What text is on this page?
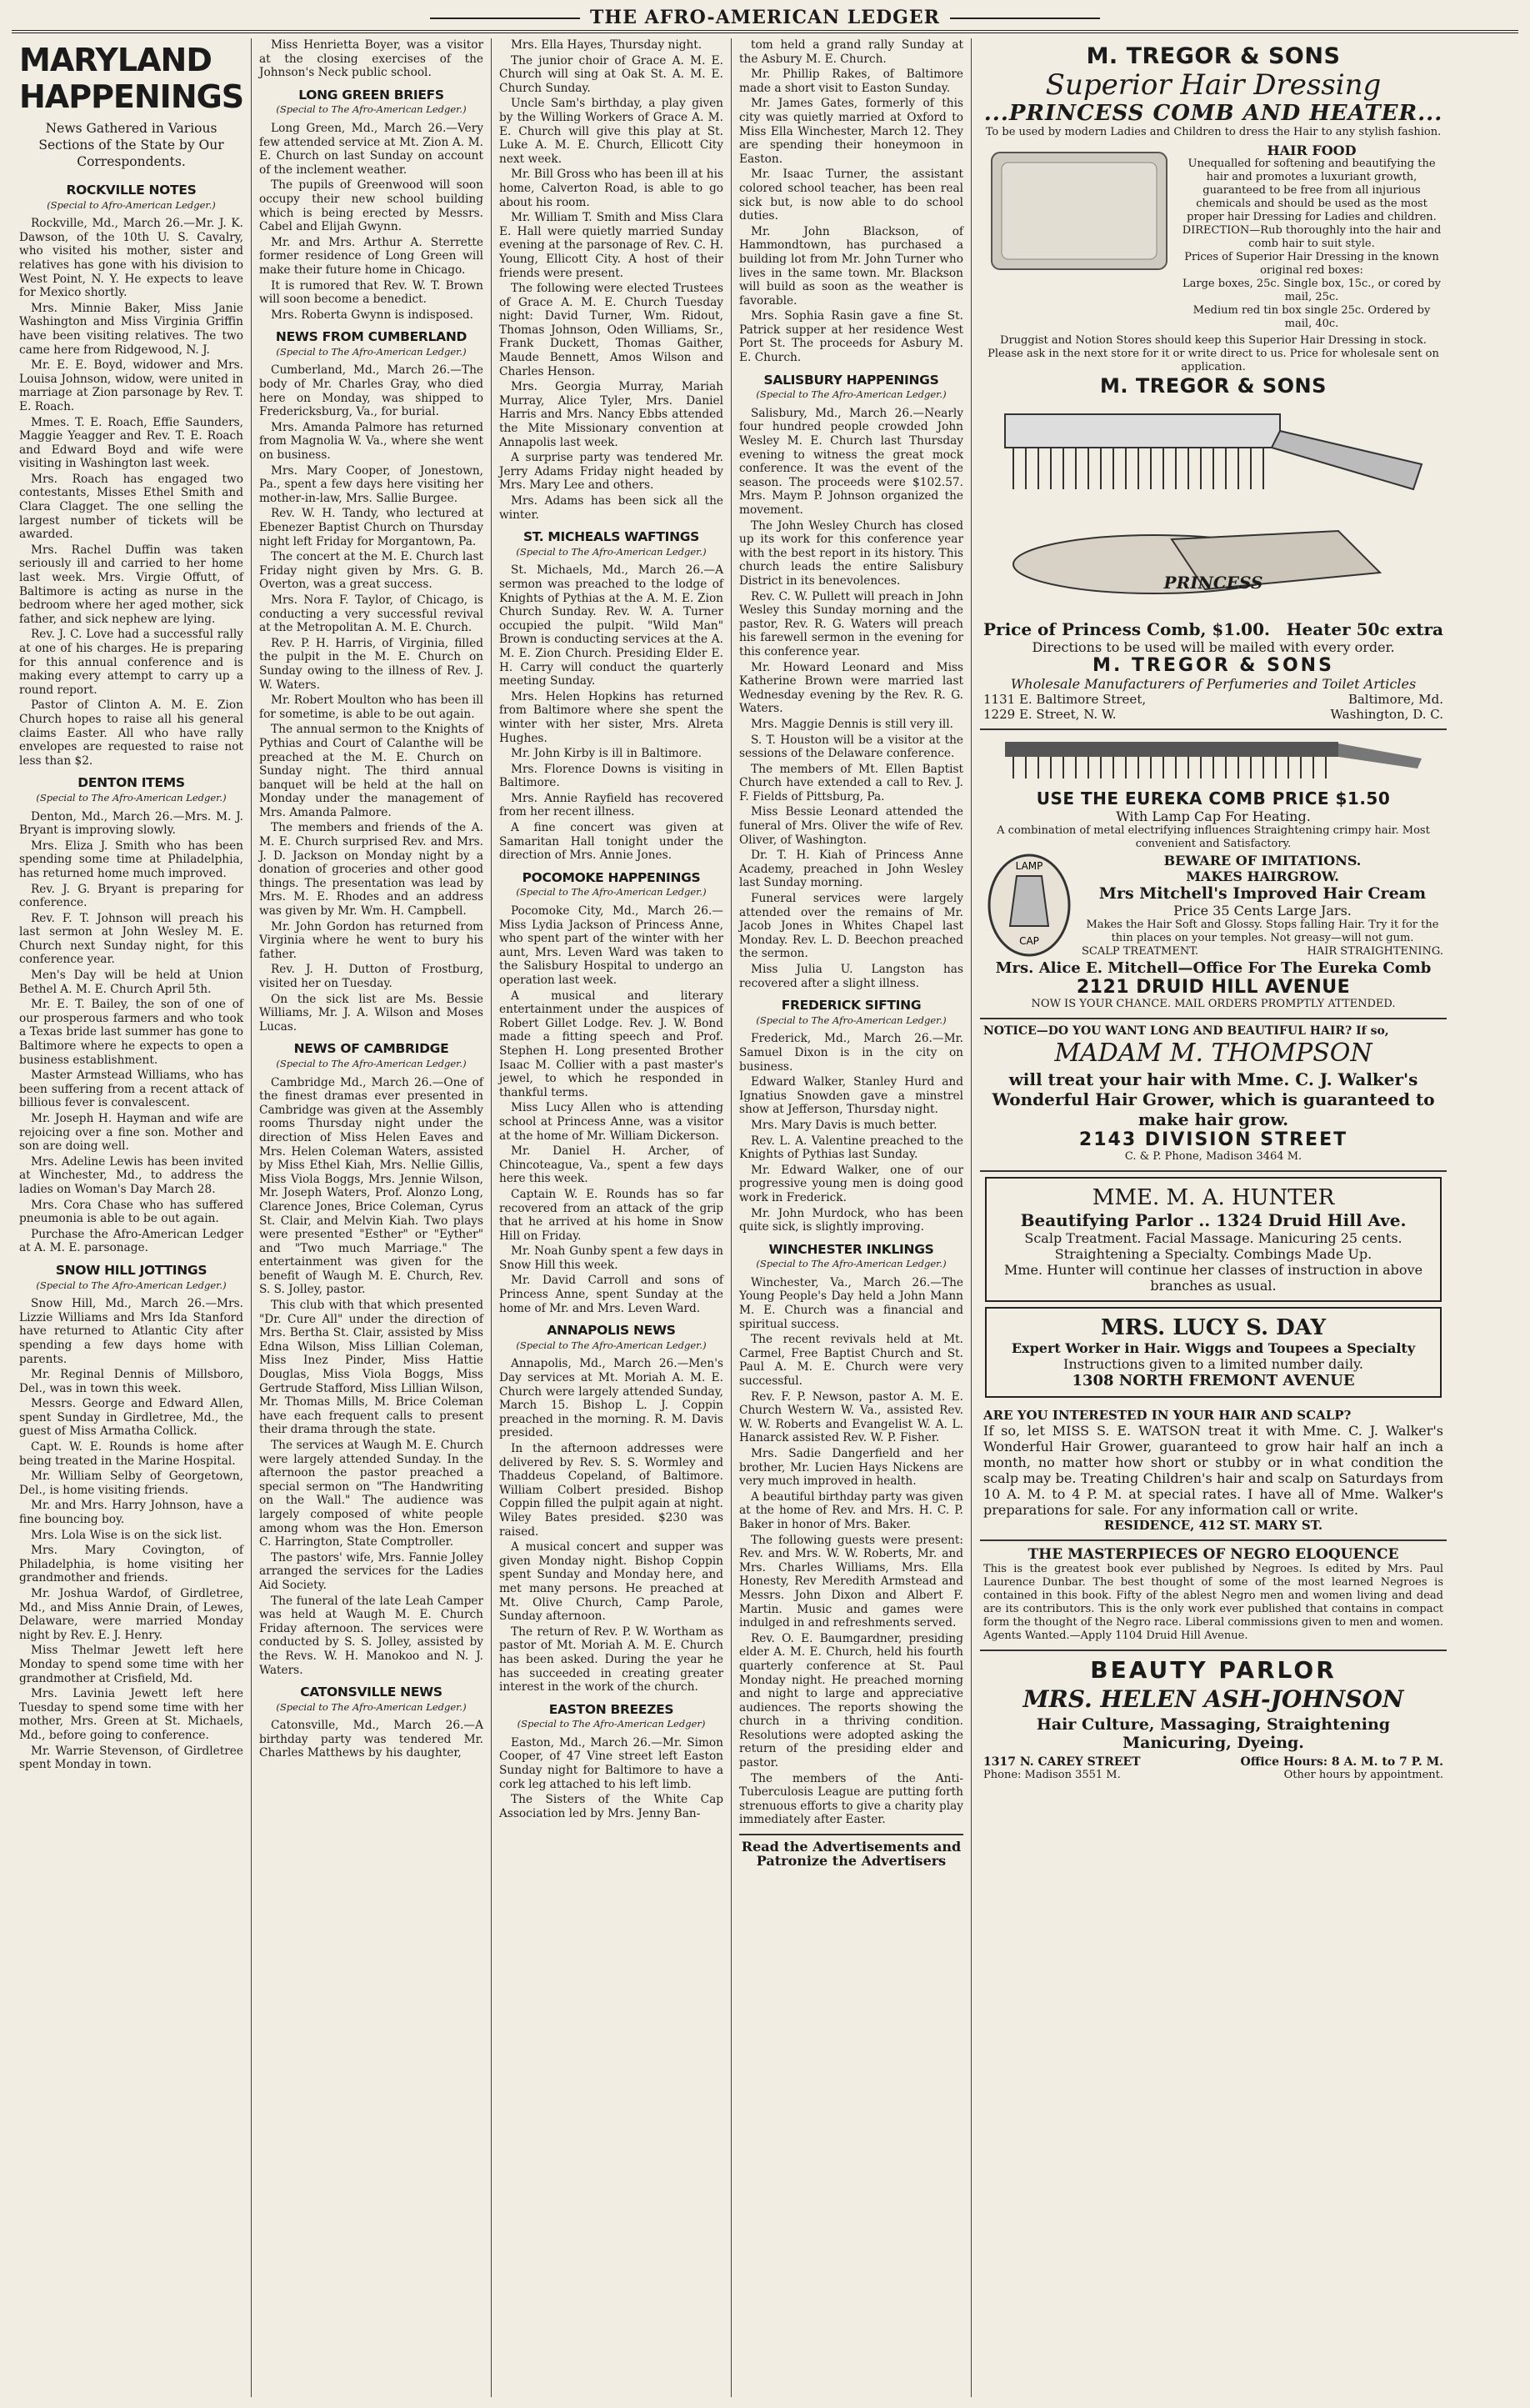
THE AFRO-AMERICAN LEDGER
MARYLAND
HAPPENINGS
News Gathered in Various Sections of the State by Our Correspondents.
ROCKVILLE NOTES
(Special to Afro-American Ledger.)

Rockville, Md., March 26.—Mr. J. K. Dawson, of the 10th U. S. Cavalry, who visited his mother, sister and relatives has gone with his division to West Point, N. Y. He expects to leave for Mexico shortly.

Mrs. Minnie Baker, Miss Janie Washington and Miss Virginia Griffin have been visiting relatives. The two came here from Ridgewood, N. J.

Mr. E. E. Boyd, widower and Mrs. Louisa Johnson, widow, were united in marriage at Zion parsonage by Rev. T. E. Roach.

Mmes. T. E. Roach, Effie Saunders, Maggie Yeagger and Rev. T. E. Roach and Edward Boyd and wife were visiting in Washington last week.

Mrs. Roach has engaged two contestants, Misses Ethel Smith and Clara Clagget. The one selling the largest number of tickets will be awarded.

Mrs. Rachel Duffin was taken seriously ill and carried to her home last week. Mrs. Virgie Offutt, of Baltimore is acting as nurse in the bedroom where her aged mother, sick father, and sick nephew are lying.

Rev. J. C. Love had a successful rally at one of his charges. He is preparing for this annual conference and is making every attempt to carry up a round report.

Pastor of Clinton A. M. E. Zion Church hopes to raise all his general claims Easter. All who have rally envelopes are requested to raise not less than $2.

DENTON ITEMS
(Special to The Afro-American Ledger.)

Denton, Md., March 26.—Mrs. M. J. Bryant is improving slowly.

Mrs. Eliza J. Smith who has been spending some time at Philadelphia, has returned home much improved.

Rev. J. G. Bryant is preparing for conference.

Rev. F. T. Johnson will preach his last sermon at John Wesley M. E. Church next Sunday night, for this conference year.

Men's Day will be held at Union Bethel A. M. E. Church April 5th.

Mr. E. T. Bailey, the son of one of our prosperous farmers and who took a Texas bride last summer has gone to Baltimore where he expects to open a business establishment.

Master Armstead Williams, who has been suffering from a recent attack of billious fever is convalescent.

Mr. Joseph H. Hayman and wife are rejoicing over a fine son. Mother and son are doing well.

Mrs. Adeline Lewis has been invited at Winchester, Md., to address the ladies on Woman's Day March 28.

Mrs. Cora Chase who has suffered pneumonia is able to be out again.

Purchase the Afro-American Ledger at A. M. E. parsonage.

SNOW HILL JOTTINGS
(Special to The Afro-American Ledger.)

Snow Hill, Md., March 26.—Mrs. Lizzie Williams and Mrs Ida Stanford have returned to Atlantic City after spending a few days home with parents.

Mr. Reginal Dennis of Millsboro, Del., was in town this week.

Messrs. George and Edward Allen, spent Sunday in Girdletree, Md., the guest of Miss Armatha Collick.

Capt. W. E. Rounds is home after being treated in the Marine Hospital.

Mr. William Selby of Georgetown, Del., is home visiting friends.

Mr. and Mrs. Harry Johnson, have a fine bouncing boy.

Mrs. Lola Wise is on the sick list.

Mrs. Mary Covington, of Philadelphia, is home visiting her grandmother and friends.

Mr. Joshua Wardof, of Girdletree, Md., and Miss Annie Drain, of Lewes, Delaware, were married Monday night by Rev. E. J. Henry.

Miss Thelmar Jewett left here Monday to spend some time with her grandmother at Crisfield, Md.

Mrs. Lavinia Jewett left here Tuesday to spend some time with her mother, Mrs. Green at St. Michaels, Md., before going to conference.

Mr. Warrie Stevenson, of Girdletree spent Monday in town.

Miss Henrietta Boyer, was a visitor at the closing exercises of the Johnson's Neck public school.

LONG GREEN BRIEFS
(Special to The Afro-American Ledger.)

Long Green, Md., March 26.—Very few attended service at Mt. Zion A. M. E. Church on last Sunday on account of the inclement weather.

The pupils of Greenwood will soon occupy their new school building which is being erected by Messrs. Cabel and Elijah Gwynn.

Mr. and Mrs. Arthur A. Sterrette former residence of Long Green will make their future home in Chicago.

It is rumored that Rev. W. T. Brown will soon become a benedict.

Mrs. Roberta Gwynn is indisposed.

NEWS FROM CUMBERLAND
(Special to The Afro-American Ledger.)

Cumberland, Md., March 26.—The body of Mr. Charles Gray, who died here on Monday, was shipped to Fredericksburg, Va., for burial.

Mrs. Amanda Palmore has returned from Magnolia W. Va., where she went on business.

Mrs. Mary Cooper, of Jonestown, Pa., spent a few days here visiting her mother-in-law, Mrs. Sallie Burgee.

Rev. W. H. Tandy, who lectured at Ebenezer Baptist Church on Thursday night left Friday for Morgantown, Pa.

The concert at the M. E. Church last Friday night given by Mrs. G. B. Overton, was a great success.

Mrs. Nora F. Taylor, of Chicago, is conducting a very successful revival at the Metropolitan A. M. E. Church.

Rev. P. H. Harris, of Virginia, filled the pulpit in the M. E. Church on Sunday owing to the illness of Rev. J. W. Waters.

Mr. Robert Moulton who has been ill for sometime, is able to be out again.

The annual sermon to the Knights of Pythias and Court of Calanthe will be preached at the M. E. Church on Sunday night. The third annual banquet will be held at the hall on Monday under the management of Mrs. Amanda Palmore.

The members and friends of the A. M. E. Church surprised Rev. and Mrs. J. D. Jackson on Monday night by a donation of groceries and other good things. The presentation was lead by Mrs. M. E. Rhodes and an address was given by Mr. Wm. H. Campbell.

Mr. John Gordon has returned from Virginia where he went to bury his father.

Rev. J. H. Dutton of Frostburg, visited her on Tuesday.

On the sick list are Ms. Bessie Williams, Mr. J. A. Wilson and Moses Lucas.

NEWS OF CAMBRIDGE
(Special to The Afro-American Ledger.)

Cambridge Md., March 26.—One of the finest dramas ever presented in Cambridge was given at the Assembly rooms Thursday night under the direction of Miss Helen Eaves and Mrs. Helen Coleman Waters, assisted by Miss Ethel Kiah, Mrs. Nellie Gillis, Miss Viola Boggs, Mrs. Jennie Wilson, Mr. Joseph Waters, Prof. Alonzo Long, Clarence Jones, Brice Coleman, Cyrus St. Clair, and Melvin Kiah. Two plays were presented "Esther" or "Eyther" and "Two much Marriage." The entertainment was given for the benefit of Waugh M. E. Church, Rev. S. S. Jolley, pastor.

This club with that which presented "Dr. Cure All" under the direction of Mrs. Bertha St. Clair, assisted by Miss Edna Wilson, Miss Lillian Coleman, Miss Inez Pinder, Miss Hattie Douglas, Miss Viola Boggs, Miss Gertrude Stafford, Miss Lillian Wilson, Mr. Thomas Mills, M. Brice Coleman have each frequent calls to present their drama through the state.

The services at Waugh M. E. Church were largely attended Sunday. In the afternoon the pastor preached a special sermon on "The Handwriting on the Wall." The audience was largely composed of white people among whom was the Hon. Emerson C. Harrington, State Comptroller.

The pastors' wife, Mrs. Fannie Jolley arranged the services for the Ladies Aid Society.

The funeral of the late Leah Camper was held at Waugh M. E. Church Friday afternoon. The services were conducted by S. S. Jolley, assisted by the Revs. W. H. Manokoo and N. J. Waters.

CATONSVILLE NEWS
(Special to The Afro-American Ledger.)

Catonsville, Md., March 26.—A birthday party was tendered Mr. Charles Matthews by his daughter,

Mrs. Ella Hayes, Thursday night.

The junior choir of Grace A. M. E. Church will sing at Oak St. A. M. E. Church Sunday.

Uncle Sam's birthday, a play given by the Willing Workers of Grace A. M. E. Church will give this play at St. Luke A. M. E. Church, Ellicott City next week.

Mr. Bill Gross who has been ill at his home, Calverton Road, is able to go about his room.

Mr. William T. Smith and Miss Clara E. Hall were quietly married Sunday evening at the parsonage of Rev. C. H. Young, Ellicott City. A host of their friends were present.

The following were elected Trustees of Grace A. M. E. Church Tuesday night: David Turner, Wm. Ridout, Thomas Johnson, Oden Williams, Sr., Frank Duckett, Thomas Gaither, Maude Bennett, Amos Wilson and Charles Henson.

Mrs. Georgia Murray, Mariah Murray, Alice Tyler, Mrs. Daniel Harris and Mrs. Nancy Ebbs attended the Mite Missionary convention at Annapolis last week.

A surprise party was tendered Mr. Jerry Adams Friday night headed by Mrs. Mary Lee and others.

Mrs. Adams has been sick all the winter.

ST. MICHEALS WAFTINGS
(Special to The Afro-American Ledger.)

St. Michaels, Md., March 26.—A sermon was preached to the lodge of Knights of Pythias at the A. M. E. Zion Church Sunday. Rev. W. A. Turner occupied the pulpit. "Wild Man" Brown is conducting services at the A. M. E. Zion Church. Presiding Elder E. H. Carry will conduct the quarterly meeting Sunday.

Mrs. Helen Hopkins has returned from Baltimore where she spent the winter with her sister, Mrs. Alreta Hughes.

Mr. John Kirby is ill in Baltimore.

Mrs. Florence Downs is visiting in Baltimore.

Mrs. Annie Rayfield has recovered from her recent illness.

A fine concert was given at Samaritan Hall tonight under the direction of Mrs. Annie Jones.

POCOMOKE HAPPENINGS
(Special to The Afro-American Ledger.)

Pocomoke City, Md., March 26.—Miss Lydia Jackson of Princess Anne, who spent part of the winter with her aunt, Mrs. Leven Ward was taken to the Salisbury Hospital to undergo an operation last week.

A musical and literary entertainment under the auspices of Robert Gillet Lodge. Rev. J. W. Bond made a fitting speech and Prof. Stephen H. Long presented Brother Isaac M. Collier with a past master's jewel, to which he responded in thankful terms.

Miss Lucy Allen who is attending school at Princess Anne, was a visitor at the home of Mr. William Dickerson.

Mr. Daniel H. Archer, of Chincoteague, Va., spent a few days here this week.

Captain W. E. Rounds has so far recovered from an attack of the grip that he arrived at his home in Snow Hill on Friday.

Mr. Noah Gunby spent a few days in Snow Hill this week.

Mr. David Carroll and sons of Princess Anne, spent Sunday at the home of Mr. and Mrs. Leven Ward.

ANNAPOLIS NEWS
(Special to The Afro-American Ledger.)

Annapolis, Md., March 26.—Men's Day services at Mt. Moriah A. M. E. Church were largely attended Sunday, March 15. Bishop L. J. Coppin preached in the morning. R. M. Davis presided.

In the afternoon addresses were delivered by Rev. S. S. Wormley and Thaddeus Copeland, of Baltimore. William Colbert presided. Bishop Coppin filled the pulpit again at night. Wiley Bates presided. $230 was raised.

A musical concert and supper was given Monday night. Bishop Coppin spent Sunday and Monday here, and met many persons. He preached at Mt. Olive Church, Camp Parole, Sunday afternoon.

The return of Rev. P. W. Wortham as pastor of Mt. Moriah A. M. E. Church has been asked. During the year he has succeeded in creating greater interest in the work of the church.

EASTON BREEZES
(Special to The Afro-American Ledger)

Easton, Md., March 26.—Mr. Simon Cooper, of 47 Vine street left Easton Sunday night for Baltimore to have a cork leg attached to his left limb.

The Sisters of the White Cap Association led by Mrs. Jenny Ban-

tom held a grand rally Sunday at the Asbury M. E. Church.

Mr. Phillip Rakes, of Baltimore made a short visit to Easton Sunday.

Mr. James Gates, formerly of this city was quietly married at Oxford to Miss Ella Winchester, March 12. They are spending their honeymoon in Easton.

Mr. Isaac Turner, the assistant colored school teacher, has been real sick but, is now able to do school duties.

Mr. John Blackson, of Hammondtown, has purchased a building lot from Mr. John Turner who lives in the same town. Mr. Blackson will build as soon as the weather is favorable.

Mrs. Sophia Rasin gave a fine St. Patrick supper at her residence West Port St. The proceeds for Asbury M. E. Church.

SALISBURY HAPPENINGS
(Special to The Afro-American Ledger.)

Salisbury, Md., March 26.—Nearly four hundred people crowded John Wesley M. E. Church last Thursday evening to witness the great mock conference. It was the event of the season. The proceeds were $102.57. Mrs. Maym P. Johnson organized the movement.

The John Wesley Church has closed up its work for this conference year with the best report in its history. This church leads the entire Salisbury District in its benevolences.

Rev. C. W. Pullett will preach in John Wesley this Sunday morning and the pastor, Rev. R. G. Waters will preach his farewell sermon in the evening for this conference year.

Mr. Howard Leonard and Miss Katherine Brown were married last Wednesday evening by the Rev. R. G. Waters.

Mrs. Maggie Dennis is still very ill.

S. T. Houston will be a visitor at the sessions of the Delaware conference.

The members of Mt. Ellen Baptist Church have extended a call to Rev. J. F. Fields of Pittsburg, Pa.

Miss Bessie Leonard attended the funeral of Mrs. Oliver the wife of Rev. Oliver, of Washington.

Dr. T. H. Kiah of Princess Anne Academy, preached in John Wesley last Sunday morning.

Funeral services were largely attended over the remains of Mr. Jacob Jones in Whites Chapel last Monday. Rev. L. D. Beechon preached the sermon.

Miss Julia U. Langston has recovered after a slight illness.

FREDERICK SIFTING
(Special to The Afro-American Ledger.)

Frederick, Md., March 26.—Mr. Samuel Dixon is in the city on business.

Edward Walker, Stanley Hurd and Ignatius Snowden gave a minstrel show at Jefferson, Thursday night.

Mrs. Mary Davis is much better.

Rev. L. A. Valentine preached to the Knights of Pythias last Sunday.

Mr. Edward Walker, one of our progressive young men is doing good work in Frederick.

Mr. John Murdock, who has been quite sick, is slightly improving.

WINCHESTER INKLINGS
(Special to The Afro-American Ledger.)

Winchester, Va., March 26.—The Young People's Day held a John Mann M. E. Church was a financial and spiritual success.

The recent revivals held at Mt. Carmel, Free Baptist Church and St. Paul A. M. E. Church were very successful.

Rev. F. P. Newson, pastor A. M. E. Church Western W. Va., assisted Rev. W. W. Roberts and Evangelist W. A. L. Hanarck assisted Rev. W. P. Fisher.

Mrs. Sadie Dangerfield and her brother, Mr. Lucien Hays Nickens are very much improved in health.

A beautiful birthday party was given at the home of Rev. and Mrs. H. C. P. Baker in honor of Mrs. Baker.

The following guests were present: Rev. and Mrs. W. W. Roberts, Mr. and Mrs. Charles Williams, Mrs. Ella Honesty, Rev Meredith Armstead and Messrs. John Dixon and Albert F. Martin. Music and games were indulged in and refreshments served.

Rev. O. E. Baumgardner, presiding elder A. M. E. Church, held his fourth quarterly conference at St. Paul Monday night. He preached morning and night to large and appreciative audiences. The reports showing the church in a thriving condition. Resolutions were adopted asking the return of the presiding elder and pastor.

The members of the Anti-Tuberculosis League are putting forth strenuous efforts to give a charity play immediately after Easter.

Read the Advertisements and Patronize the Advertisers
M. TREGOR & SONS
Superior Hair Dressing
...PRINCESS COMB AND HEATER...
To be used by modern Ladies and Children to dress the Hair to any stylish fashion.
HAIR FOOD
Unequalled for softening and beautifying the hair and promotes a luxuriant growth, guaranteed to be free from all injurious chemicals and should be used as the most proper hair Dressing for Ladies and children.
DIRECTION—Rub thoroughly into the hair and comb hair to suit style.
Prices of Superior Hair Dressing in the known original red boxes:
Large boxes, 25c. Single box, 15c., or cored by mail, 25c.
Medium red tin box single 25c. Ordered by mail, 40c.
Druggist and Notion Stores should keep this Superior Hair Dressing in stock. Please ask in the next store for it or write direct to us. Price for wholesale sent on application.
M. TREGOR & SONS
PRINCESS
Price of Princess Comb, $1.00. Heater 50c extra
Directions to be used will be mailed with every order.
M. TREGOR & SONS
Wholesale Manufacturers of Perfumeries and Toilet Articles
1131 E. Baltimore Street,	Baltimore, Md.
1229 E. Street, N. W.	Washington, D. C.
USE THE EUREKA COMB PRICE $1.50
With Lamp Cap For Heating.
A combination of metal electrifying influences Straightening crimpy hair. Most convenient and Satisfactory.
LAMP
CAP
BEWARE OF IMITATIONS.
MAKES HAIRGROW.
Mrs Mitchell's Improved Hair Cream
Price 35 Cents Large Jars.
Makes the Hair Soft and Glossy. Stops falling Hair. Try it for the thin places on your temples. Not greasy—will not gum.
SCALP TREATMENT.	HAIR STRAIGHTENING.
Mrs. Alice E. Mitchell—Office For The Eureka Comb
2121 DRUID HILL AVENUE
NOW IS YOUR CHANCE. MAIL ORDERS PROMPTLY ATTENDED.
NOTICE—DO YOU WANT LONG AND BEAUTIFUL HAIR? If so,
MADAM M. THOMPSON
will treat your hair with Mme. C. J. Walker's Wonderful Hair Grower, which is guaranteed to make hair grow.
2143 DIVISION STREET
C. & P. Phone, Madison 3464 M.
MME. M. A. HUNTER
Beautifying Parlor .. 1324 Druid Hill Ave.
Scalp Treatment. Facial Massage. Manicuring 25 cents. Straightening a Specialty. Combings Made Up.
Mme. Hunter will continue her classes of instruction in above branches as usual.
MRS. LUCY S. DAY
Expert Worker in Hair. Wiggs and Toupees a Specialty
Instructions given to a limited number daily.
1308 NORTH FREMONT AVENUE
ARE YOU INTERESTED IN YOUR HAIR AND SCALP?
If so, let MISS S. E. WATSON treat it with Mme. C. J. Walker's Wonderful Hair Grower, guaranteed to grow hair half an inch a month, no matter how short or stubby or in what condition the scalp may be. Treating Children's hair and scalp on Saturdays from 10 A. M. to 4 P. M. at special rates. I have all of Mme. Walker's preparations for sale. For any information call or write.
RESIDENCE, 412 ST. MARY ST.
THE MASTERPIECES OF NEGRO ELOQUENCE
This is the greatest book ever published by Negroes. Is edited by Mrs. Paul Laurence Dunbar. The best thought of some of the most learned Negroes is contained in this book. Fifty of the ablest Negro men and women living and dead are its contributors. This is the only work ever published that contains in compact form the thought of the Negro race. Liberal commissions given to men and women. Agents Wanted.—Apply 1104 Druid Hill Avenue.
BEAUTY PARLOR
MRS. HELEN ASH-JOHNSON
Hair Culture, Massaging, Straightening Manicuring, Dyeing.
1317 N. CAREY STREET	Office Hours: 8 A. M. to 7 P. M.
Phone: Madison 3551 M.	Other hours by appointment.
